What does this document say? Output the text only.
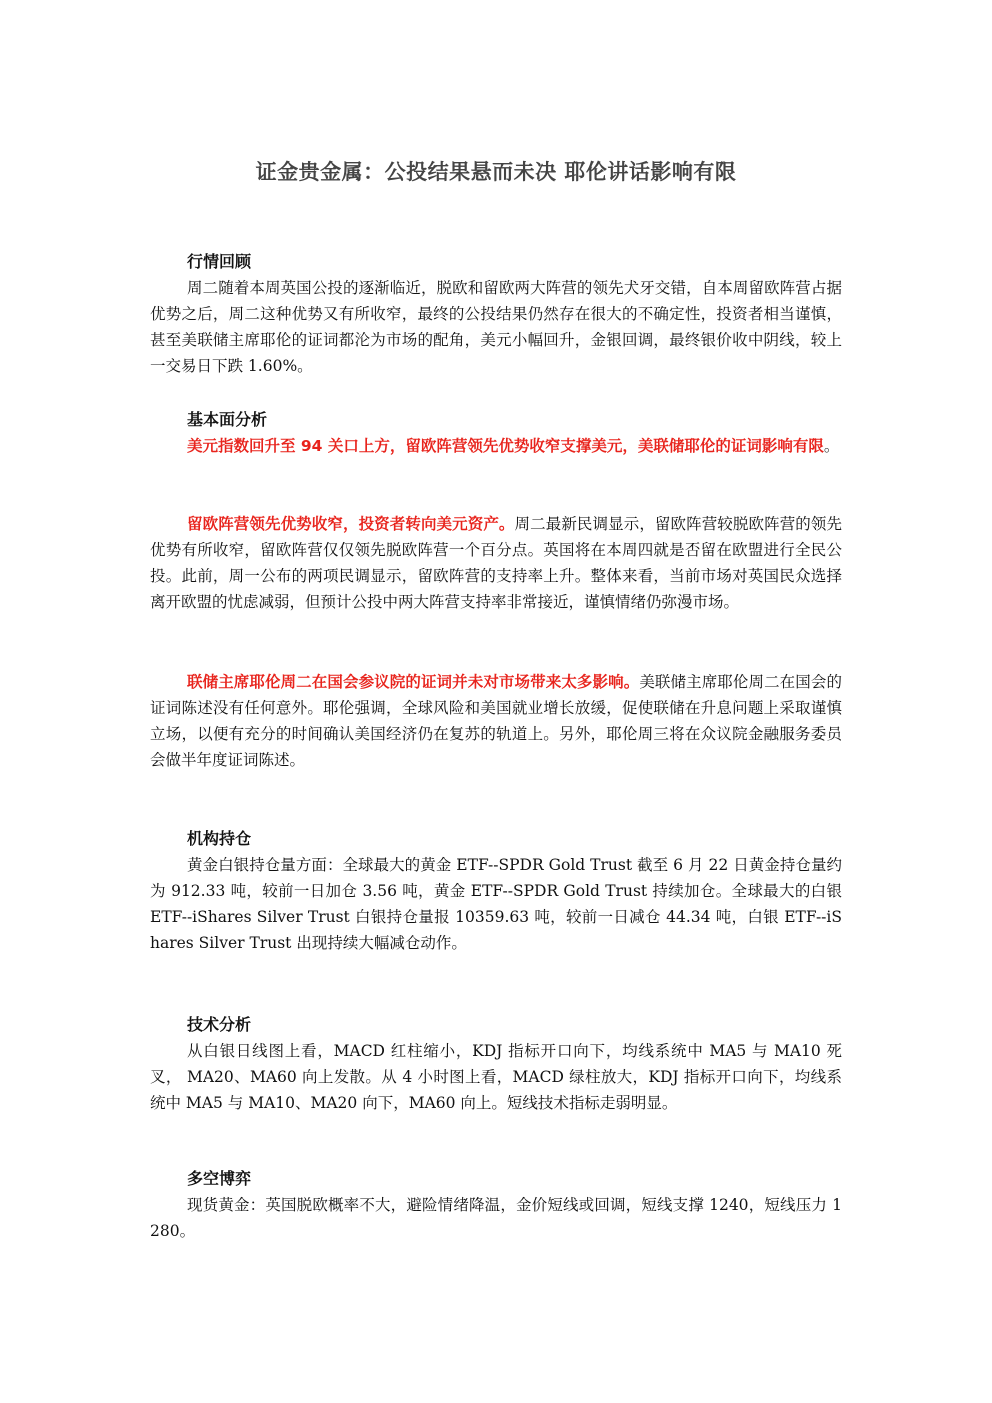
证金贵金属：公投结果悬而未决 耶伦讲话影响有限
行情回顾

周二随着本周英国公投的逐渐临近，脱欧和留欧两大阵营的领先犬牙交错，自本周留欧阵营占据优势之后，周二这种优势又有所收窄，最终的公投结果仍然存在很大的不确定性，投资者相当谨慎，甚至美联储主席耶伦的证词都沦为市场的配角，美元小幅回升，金银回调，最终银价收中阴线，较上一交易日下跌 1.60%。

基本面分析

美元指数回升至 94 关口上方，留欧阵营领先优势收窄支撑美元，美联储耶伦的证词影响有限。

留欧阵营领先优势收窄，投资者转向美元资产。周二最新民调显示，留欧阵营较脱欧阵营的领先优势有所收窄，留欧阵营仅仅领先脱欧阵营一个百分点。英国将在本周四就是否留在欧盟进行全民公投。此前，周一公布的两项民调显示，留欧阵营的支持率上升。整体来看，当前市场对英国民众选择离开欧盟的忧虑减弱，但预计公投中两大阵营支持率非常接近，谨慎情绪仍弥漫市场。

联储主席耶伦周二在国会参议院的证词并未对市场带来太多影响。美联储主席耶伦周二在国会的证词陈述没有任何意外。耶伦强调，全球风险和美国就业增长放缓，促使联储在升息问题上采取谨慎立场，以便有充分的时间确认美国经济仍在复苏的轨道上。另外，耶伦周三将在众议院金融服务委员会做半年度证词陈述。

机构持仓

黄金白银持仓量方面：全球最大的黄金 ETF--SPDR Gold Trust 截至 6 月 22 日黄金持仓量约为 912.33 吨，较前一日加仓 3.56 吨，黄金 ETF--SPDR Gold Trust 持续加仓。全球最大的白银 ETF--iShares Silver Trust 白银持仓量报 10359.63 吨，较前一日减仓 44.34 吨，白银 ETF--iShares Silver Trust 出现持续大幅减仓动作。

技术分析

从白银日线图上看，MACD 红柱缩小，KDJ 指标开口向下，均线系统中 MA5 与 MA10 死叉， MA20、MA60 向上发散。从 4 小时图上看，MACD 绿柱放大，KDJ 指标开口向下，均线系统中 MA5 与 MA10、MA20 向下，MA60 向上。短线技术指标走弱明显。

多空博弈

现货黄金：英国脱欧概率不大，避险情绪降温，金价短线或回调，短线支撑 1240，短线压力 1280。
